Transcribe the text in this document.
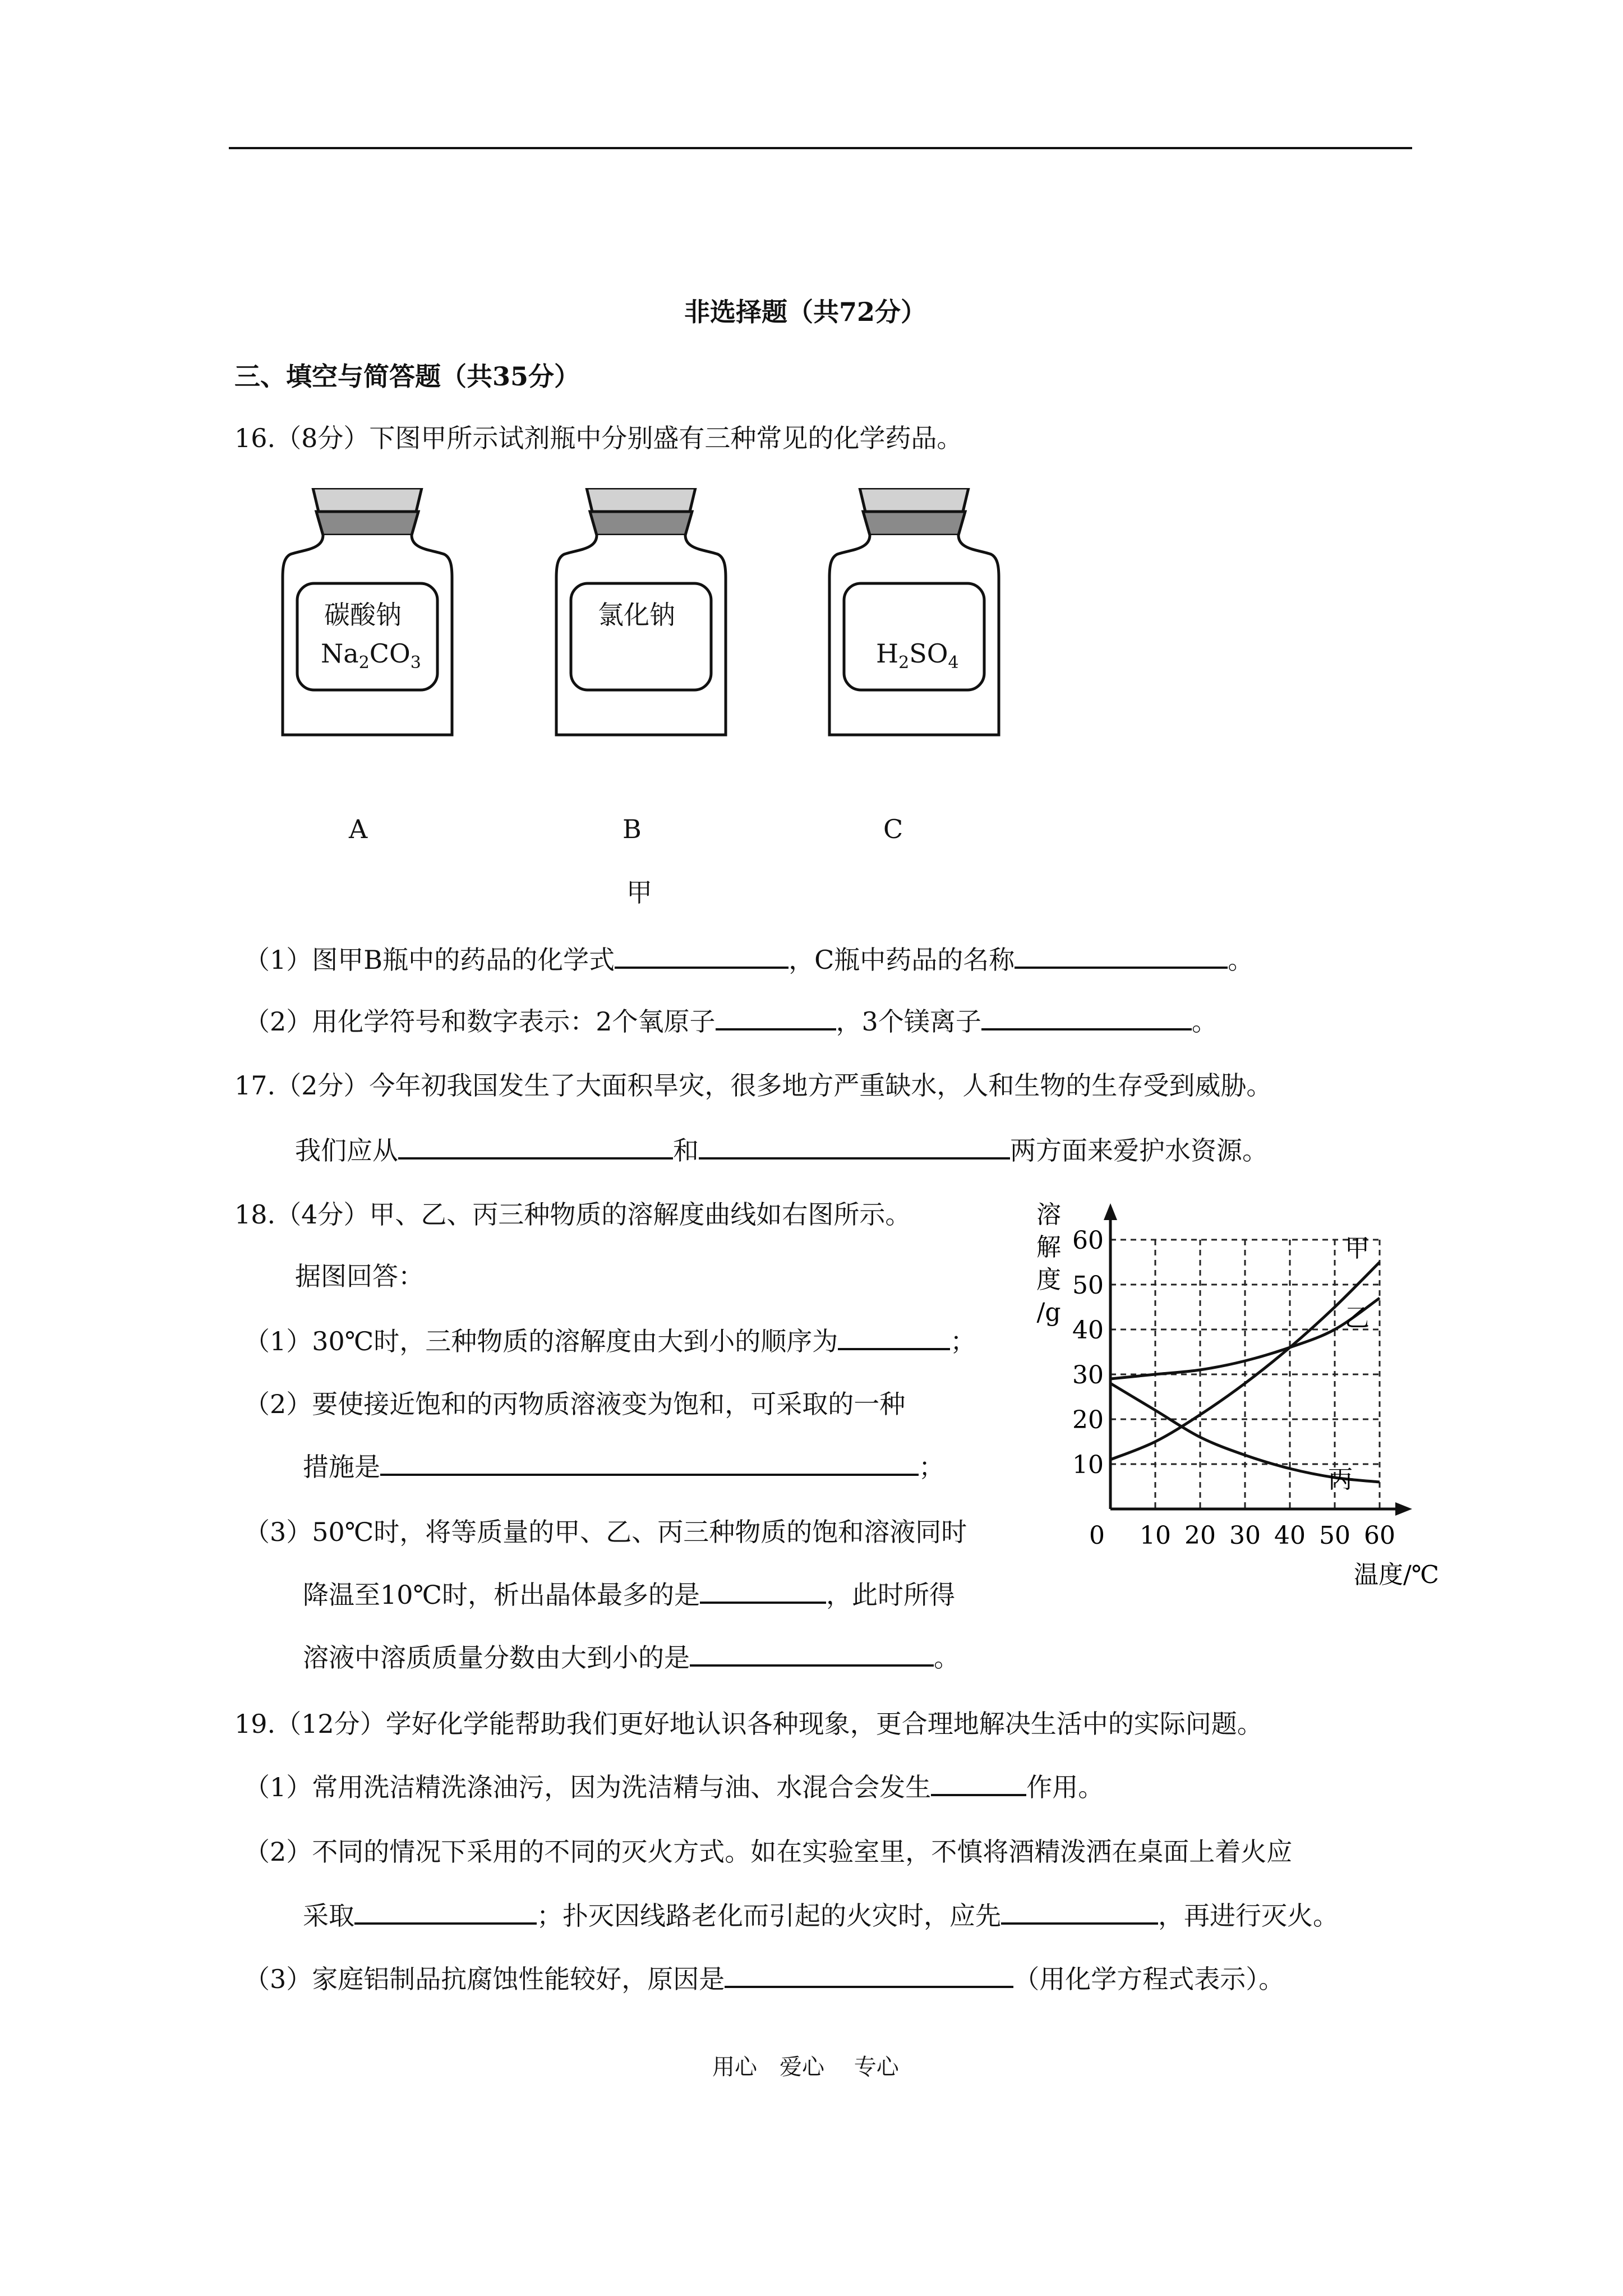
非选择题（共72分）
三、填空与简答题（共35分）
16.（8分）下图甲所示试剂瓶中分别盛有三种常见的化学药品。
碳酸钠
$Na_2CO_3$
氯化钠
$H_2SO_4$
A	B	C
甲
（1）图甲B瓶中的药品的化学式	，C瓶中药品的名称	。
（2）用化学符号和数字表示：2个氧原子	，3个镁离子	。
17.（2分）今年初我国发生了大面积旱灾，很多地方严重缺水，人和生物的生存受到威胁。
我们应从	和	两方面来爱护水资源。
18.（4分）甲、乙、丙三种物质的溶解度曲线如右图所示。
据图回答：
（1）30℃时，三种物质的溶解度由大到小的顺序为	；
（2）要使接近饱和的丙物质溶液变为饱和，可采取的一种
措施是	；
（3）50℃时，将等质量的甲、乙、丙三种物质的饱和溶液同时
降温至10℃时，析出晶体最多的是	，此时所得
溶液中溶质质量分数由大到小的是	。
10 20 30 40 50 60
10
20
30
40
50
60
0
溶
解
度
/g
温度/℃
甲
乙
丙
19.（12分）学好化学能帮助我们更好地认识各种现象，更合理地解决生活中的实际问题。
（1）常用洗洁精洗涤油污，因为洗洁精与油、水混合会发生	作用。
（2）不同的情况下采用的不同的灭火方式。如在实验室里，不慎将酒精泼洒在桌面上着火应
采取	；扑灭因线路老化而引起的火灾时，应先	，再进行灭火。
（3）家庭铝制品抗腐蚀性能较好，原因是	（用化学方程式表示）。
用心　爱心　 专心
